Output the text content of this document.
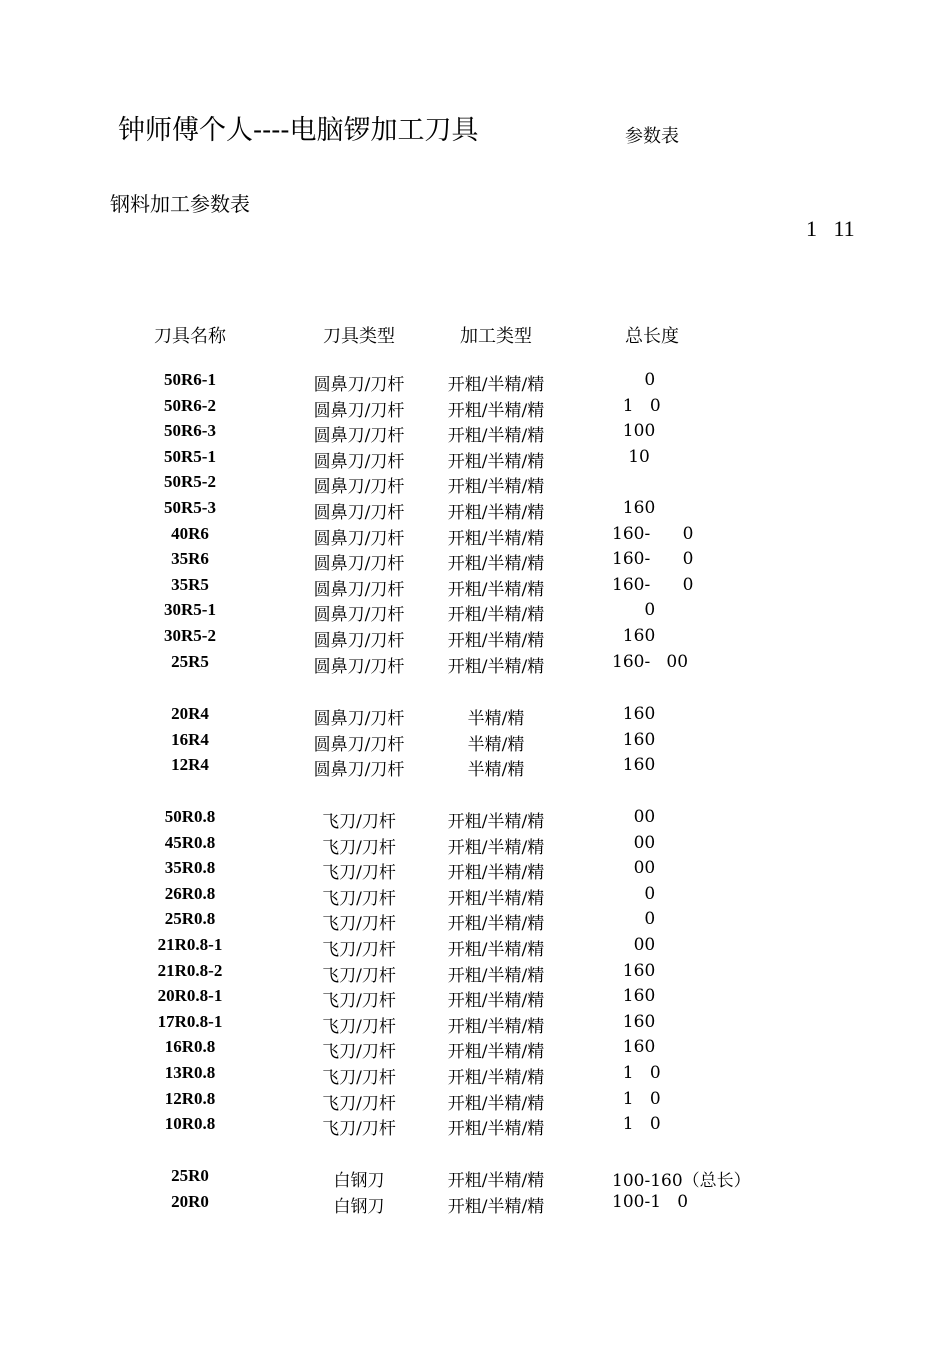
钟师傅个人----电脑锣加工刀具	参数表
钢料加工参数表
1   11
刀具名称	刀具类型	加工类型	总长度
50R6-1	圆鼻刀/刀杆	开粗/半精/精	0
50R6-2	圆鼻刀/刀杆	开粗/半精/精	1   0
50R6-3	圆鼻刀/刀杆	开粗/半精/精	100
50R5-1	圆鼻刀/刀杆	开粗/半精/精	10
50R5-2	圆鼻刀/刀杆	开粗/半精/精
50R5-3	圆鼻刀/刀杆	开粗/半精/精	160
40R6	圆鼻刀/刀杆	开粗/半精/精	160-      0
35R6	圆鼻刀/刀杆	开粗/半精/精	160-      0
35R5	圆鼻刀/刀杆	开粗/半精/精	160-      0
30R5-1	圆鼻刀/刀杆	开粗/半精/精	0
30R5-2	圆鼻刀/刀杆	开粗/半精/精	160
25R5	圆鼻刀/刀杆	开粗/半精/精	160-   00
20R4	圆鼻刀/刀杆	半精/精	160
16R4	圆鼻刀/刀杆	半精/精	160
12R4	圆鼻刀/刀杆	半精/精	160
50R0.8	飞刀/刀杆	开粗/半精/精	00
45R0.8	飞刀/刀杆	开粗/半精/精	00
35R0.8	飞刀/刀杆	开粗/半精/精	00
26R0.8	飞刀/刀杆	开粗/半精/精	0
25R0.8	飞刀/刀杆	开粗/半精/精	0
21R0.8-1	飞刀/刀杆	开粗/半精/精	00
21R0.8-2	飞刀/刀杆	开粗/半精/精	160
20R0.8-1	飞刀/刀杆	开粗/半精/精	160
17R0.8-1	飞刀/刀杆	开粗/半精/精	160
16R0.8	飞刀/刀杆	开粗/半精/精	160
13R0.8	飞刀/刀杆	开粗/半精/精	1   0
12R0.8	飞刀/刀杆	开粗/半精/精	1   0
10R0.8	飞刀/刀杆	开粗/半精/精	1   0
25R0	白钢刀	开粗/半精/精	100-160（总长）
20R0	白钢刀	开粗/半精/精	100-1   0
